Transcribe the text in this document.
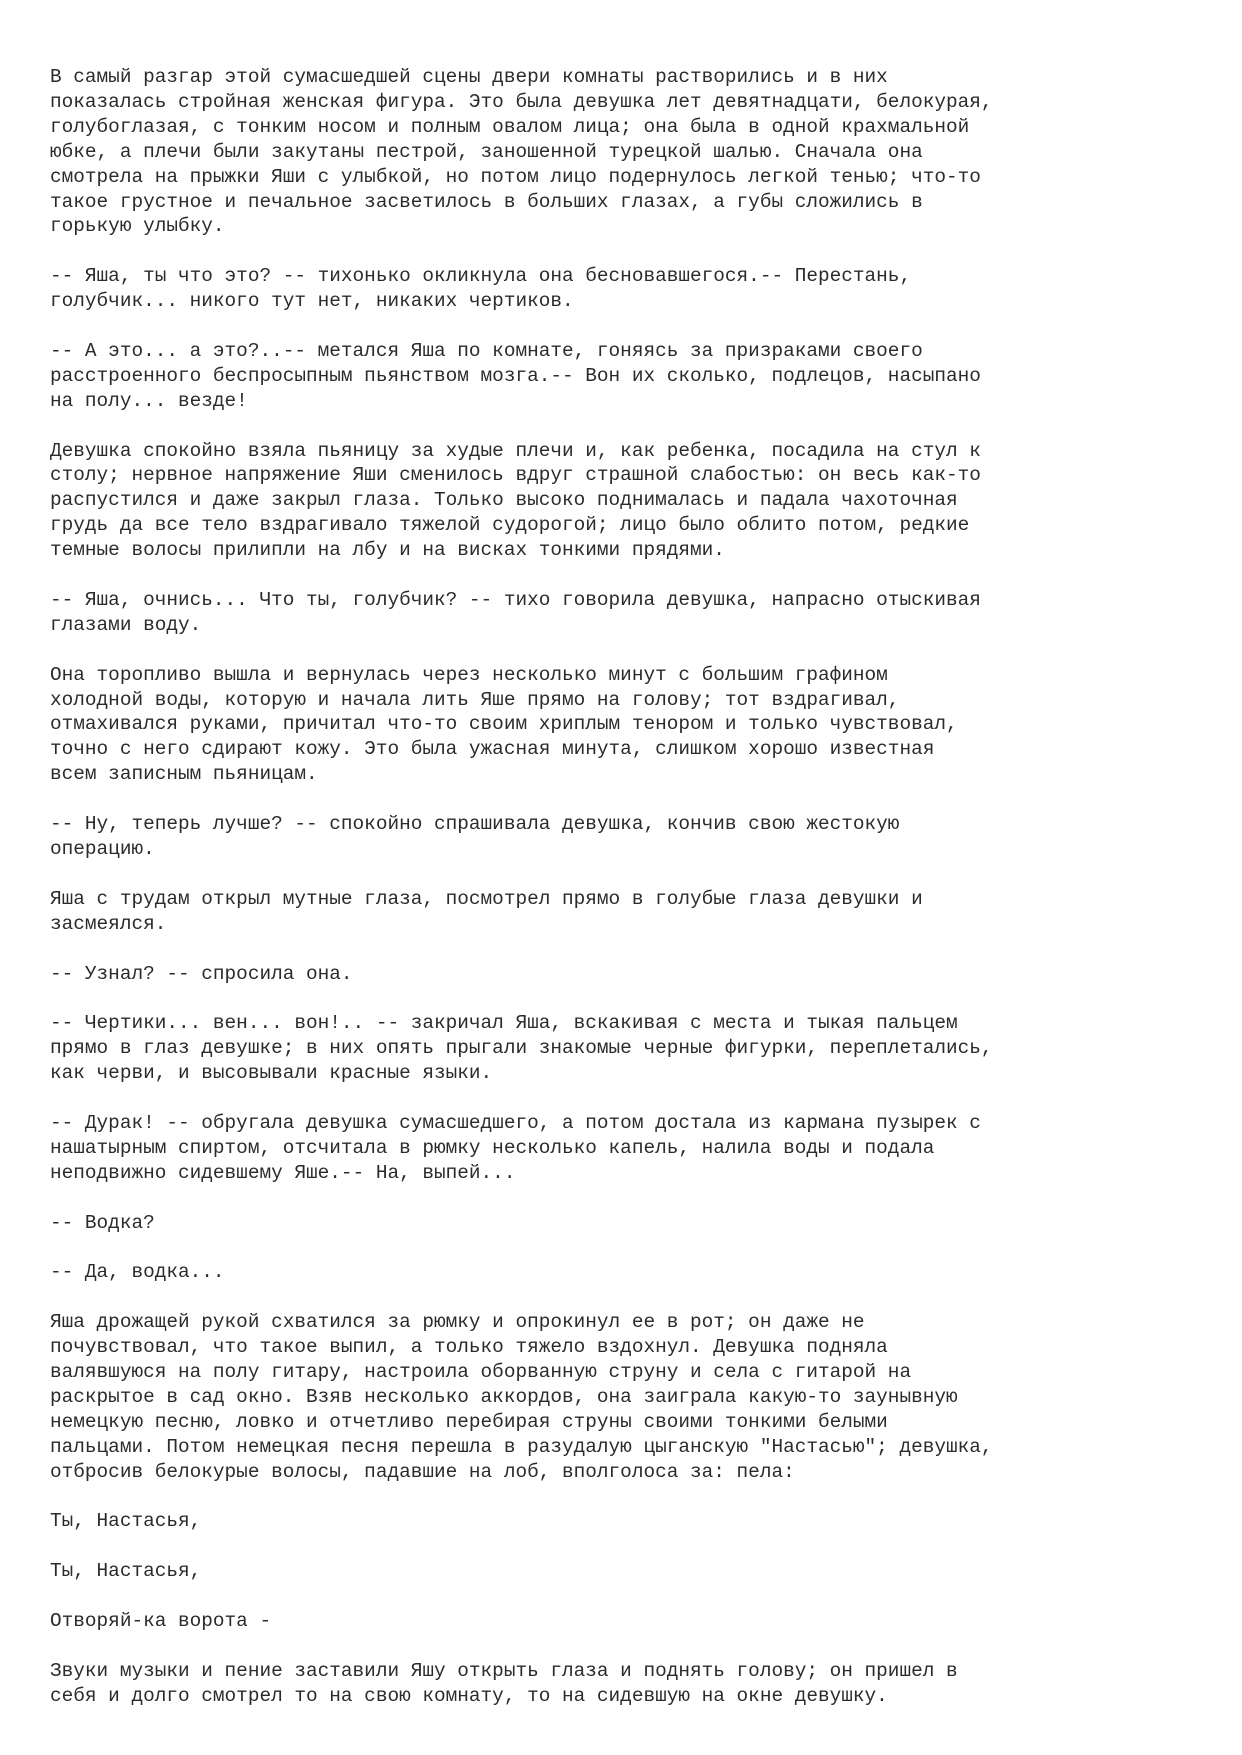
В самый разгар этой сумасшедшей сцены двери комнаты растворились и в них
показалась стройная женская фигура. Это была девушка лет девятнадцати, белокурая,
голубоглазая, с тонким носом и полным овалом лица; она была в одной крахмальной
юбке, а плечи были закутаны пестрой, заношенной турецкой шалью. Сначала она
смотрела на прыжки Яши с улыбкой, но потом лицо подернулось легкой тенью; что-то
такое грустное и печальное засветилось в больших глазах, а губы сложились в
горькую улыбку.

-- Яша, ты что это? -- тихонько окликнула она бесновавшегося.-- Перестань,
голубчик... никого тут нет, никаких чертиков.

-- А это... а это?..-- метался Яша по комнате, гоняясь за призраками своего
расстроенного беспросыпным пьянством мозга.-- Вон их сколько, подлецов, насыпано
на полу... везде!

Девушка спокойно взяла пьяницу за худые плечи и, как ребенка, посадила на стул к
столу; нервное напряжение Яши сменилось вдруг страшной слабостью: он весь как-то
распустился и даже закрыл глаза. Только высоко поднималась и падала чахоточная
грудь да все тело вздрагивало тяжелой судорогой; лицо было облито потом, редкие
темные волосы прилипли на лбу и на висках тонкими прядями.

-- Яша, очнись... Что ты, голубчик? -- тихо говорила девушка, напрасно отыскивая
глазами воду.

Она торопливо вышла и вернулась через несколько минут с большим графином
холодной воды, которую и начала лить Яше прямо на голову; тот вздрагивал,
отмахивался руками, причитал что-то своим хриплым тенором и только чувствовал,
точно с него сдирают кожу. Это была ужасная минута, слишком хорошо известная
всем записным пьяницам.

-- Ну, теперь лучше? -- спокойно спрашивала девушка, кончив свою жестокую
операцию.

Яша с трудам открыл мутные глаза, посмотрел прямо в голубые глаза девушки и
засмеялся.

-- Узнал? -- спросила она.

-- Чертики... вен... вон!.. -- закричал Яша, вскакивая с места и тыкая пальцем
прямо в глаз девушке; в них опять прыгали знакомые черные фигурки, переплетались,
как черви, и высовывали красные языки.

-- Дурак! -- обругала девушка сумасшедшего, а потом достала из кармана пузырек с
нашатырным спиртом, отсчитала в рюмку несколько капель, налила воды и подала
неподвижно сидевшему Яше.-- На, выпей...

-- Водка?

-- Да, водка...

Яша дрожащей рукой схватился за рюмку и опрокинул ее в рот; он даже не
почувствовал, что такое выпил, а только тяжело вздохнул. Девушка подняла
валявшуюся на полу гитару, настроила оборванную струну и села с гитарой на
раскрытое в сад окно. Взяв несколько аккордов, она заиграла какую-то заунывную
немецкую песню, ловко и отчетливо перебирая струны своими тонкими белыми
пальцами. Потом немецкая песня перешла в разудалую цыганскую "Настасью"; девушка,
отбросив белокурые волосы, падавшие на лоб, вполголоса за: пела:

Ты, Настасья,

Ты, Настасья,

Отворяй-ка ворота -

Звуки музыки и пение заставили Яшу открыть глаза и поднять голову; он пришел в
себя и долго смотрел то на свою комнату, то на сидевшую на окне девушку.
